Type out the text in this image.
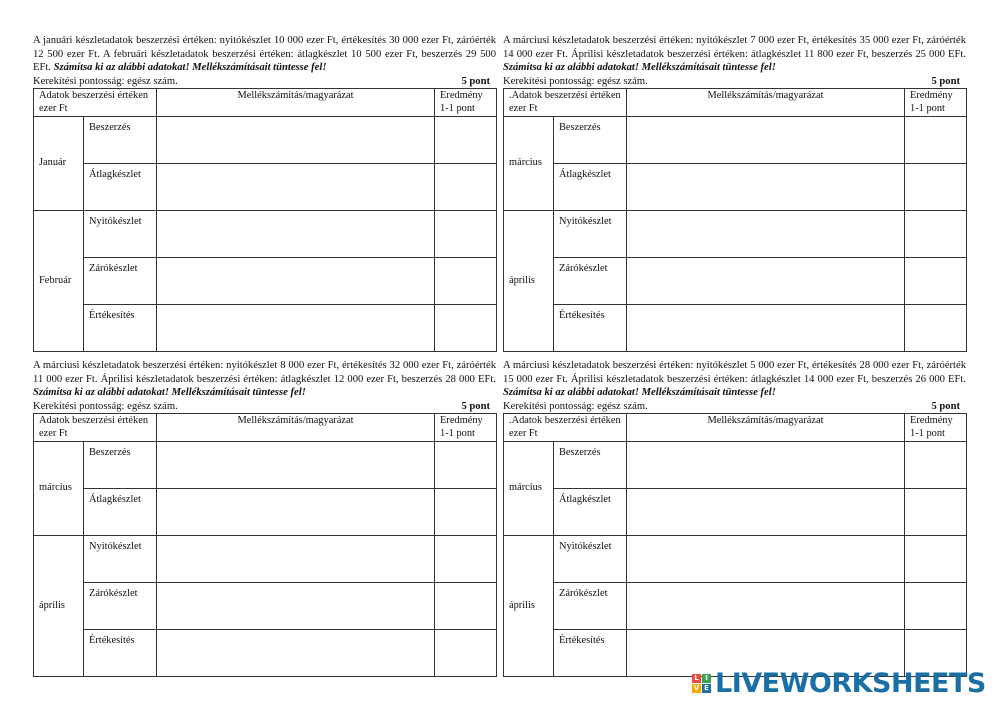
A januári készletadatok beszerzési értéken: nyitókészlet 10 000 ezer Ft, értékesítés 30 000 ezer Ft, záróérték 12 500 ezer Ft. A februári készletadatok beszerzési értéken: átlagkészlet 10 500 ezer Ft, beszerzés 29 500 EFt. Számítsa ki az alábbi adatokat! Mellékszámításait tüntesse fel!
Kerekítési pontosság: egész szám.	5 pont
Adatok beszerzési értéken ezer Ft		Mellékszámítás/magyarázat	Eredmény
1-1 pont
Január	Beszerzés		
	Átlagkészlet		
Február	Nyitókészlet		
	Zárókészlet		
	Értékesítés		
A márciusi készletadatok beszerzési értéken: nyitókészlet 7 000 ezer Ft, értékesítés 35 000 ezer Ft, záróérték 14 000 ezer Ft. Áprilisi készletadatok beszerzési értéken: átlagkészlet 11 800 ezer Ft, beszerzés 25 000 EFt. Számítsa ki az alábbi adatokat! Mellékszámításait tüntesse fel!
Kerekítési pontosság: egész szám.	5 pont
.Adatok beszerzési értéken ezer Ft		Mellékszámítás/magyarázat	Eredmény
1-1 pont
március	Beszerzés		
	Átlagkészlet		
április	Nyitókészlet		
	Zárókészlet		
	Értékesítés		
A márciusi készletadatok beszerzési értéken: nyitókészlet 8 000 ezer Ft, értékesítés 32 000 ezer Ft, záróérték 11 000 ezer Ft. Áprilisi készletadatok beszerzési értéken: átlagkészlet 12 000 ezer Ft, beszerzés 28 000 EFt. Számítsa ki az alábbi adatokat! Mellékszámításait tüntesse fel!
Kerekítési pontosság: egész szám.	5 pont
Adatok beszerzési értéken ezer Ft		Mellékszámítás/magyarázat	Eredmény
1-1 pont
március	Beszerzés		
	Átlagkészlet		
április	Nyitókészlet		
	Zárókészlet		
	Értékesítés		
A márciusi készletadatok beszerzési értéken: nyitókészlet 5 000 ezer Ft, értékesítés 28 000 ezer Ft, záróérték 15 000 ezer Ft. Áprilisi készletadatok beszerzési értéken: átlagkészlet 14 000 ezer Ft, beszerzés 26 000 EFt. Számítsa ki az alábbi adatokat! Mellékszámításait tüntesse fel!
Kerekítési pontosság: egész szám.	5 pont
.Adatok beszerzési értéken ezer Ft		Mellékszámítás/magyarázat	Eredmény
1-1 pont
március	Beszerzés		
	Átlagkészlet		
április	Nyitókészlet		
	Zárókészlet		
	Értékesítés		
L I
V E LIVEWORKSHEETS
